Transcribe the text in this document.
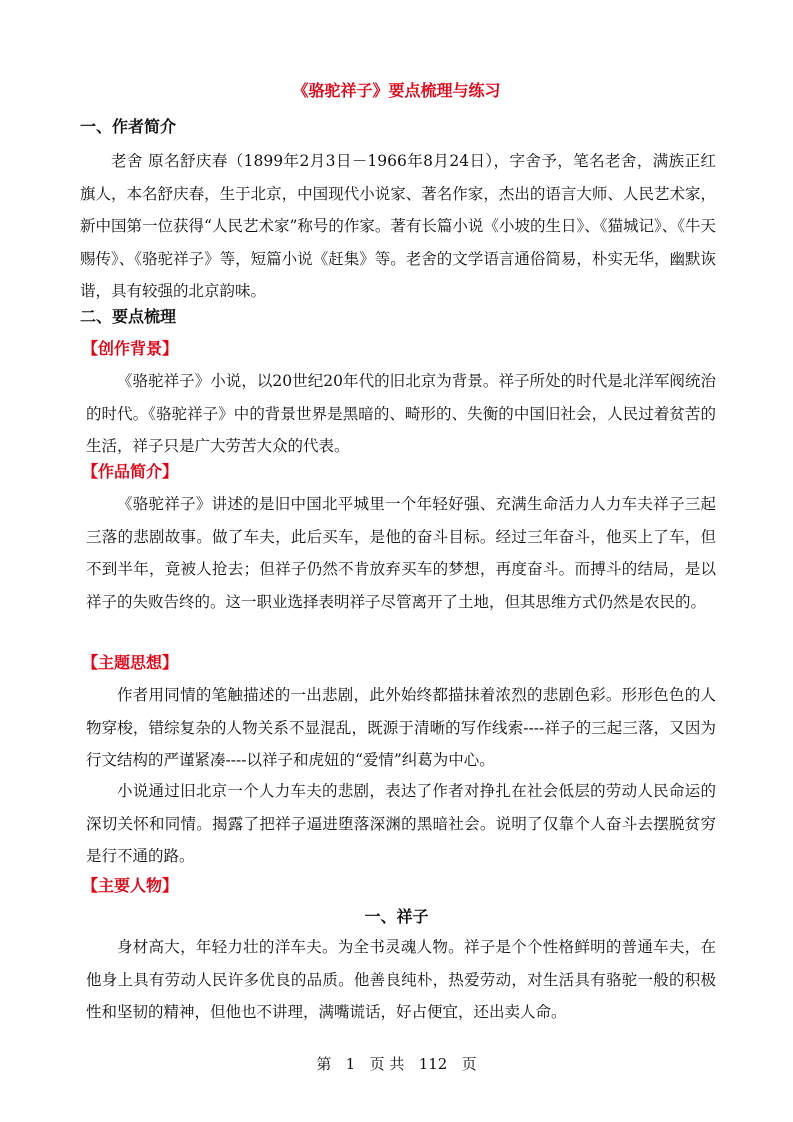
《骆驼祥子》要点梳理与练习
一、作者简介
老舍 原名舒庆春（1899年2月3日－1966年8月24日），字舍予，笔名老舍，满族正红旗人，本名舒庆春，生于北京，中国现代小说家、著名作家，杰出的语言大师、人民艺术家，新中国第一位获得“人民艺术家”称号的作家。著有长篇小说《小坡的生日》、《猫城记》、《牛天赐传》、《骆驼祥子》等，短篇小说《赶集》等。老舍的文学语言通俗简易，朴实无华，幽默诙谐，具有较强的北京韵味。
二、要点梳理
【创作背景】
《骆驼祥子》小说，以20世纪20年代的旧北京为背景。祥子所处的时代是北洋军阀统治的时代。《骆驼祥子》中的背景世界是黑暗的、畸形的、失衡的中国旧社会，人民过着贫苦的生活，祥子只是广大劳苦大众的代表。
【作品简介】
《骆驼祥子》讲述的是旧中国北平城里一个年轻好强、充满生命活力人力车夫祥子三起三落的悲剧故事。做了车夫，此后买车，是他的奋斗目标。经过三年奋斗，他买上了车，但不到半年，竟被人抢去；但祥子仍然不肯放弃买车的梦想，再度奋斗。而搏斗的结局，是以祥子的失败告终的。这一职业选择表明祥子尽管离开了土地，但其思维方式仍然是农民的。
【主题思想】
作者用同情的笔触描述的一出悲剧，此外始终都描抹着浓烈的悲剧色彩。形形色色的人物穿梭，错综复杂的人物关系不显混乱，既源于清晰的写作线索----祥子的三起三落，又因为行文结构的严谨紧凑----以祥子和虎妞的“爱情”纠葛为中心。
小说通过旧北京一个人力车夫的悲剧，表达了作者对挣扎在社会低层的劳动人民命运的深切关怀和同情。揭露了把祥子逼进堕落深渊的黑暗社会。说明了仅靠个人奋斗去摆脱贫穷是行不通的路。
【主要人物】
一、祥子
身材高大，年轻力壮的洋车夫。为全书灵魂人物。祥子是个个性格鲜明的普通车夫，在他身上具有劳动人民许多优良的品质。他善良纯朴，热爱劳动，对生活具有骆驼一般的积极性和坚韧的精神，但他也不讲理，满嘴谎话，好占便宜，还出卖人命。
第 1 页 共 112 页
